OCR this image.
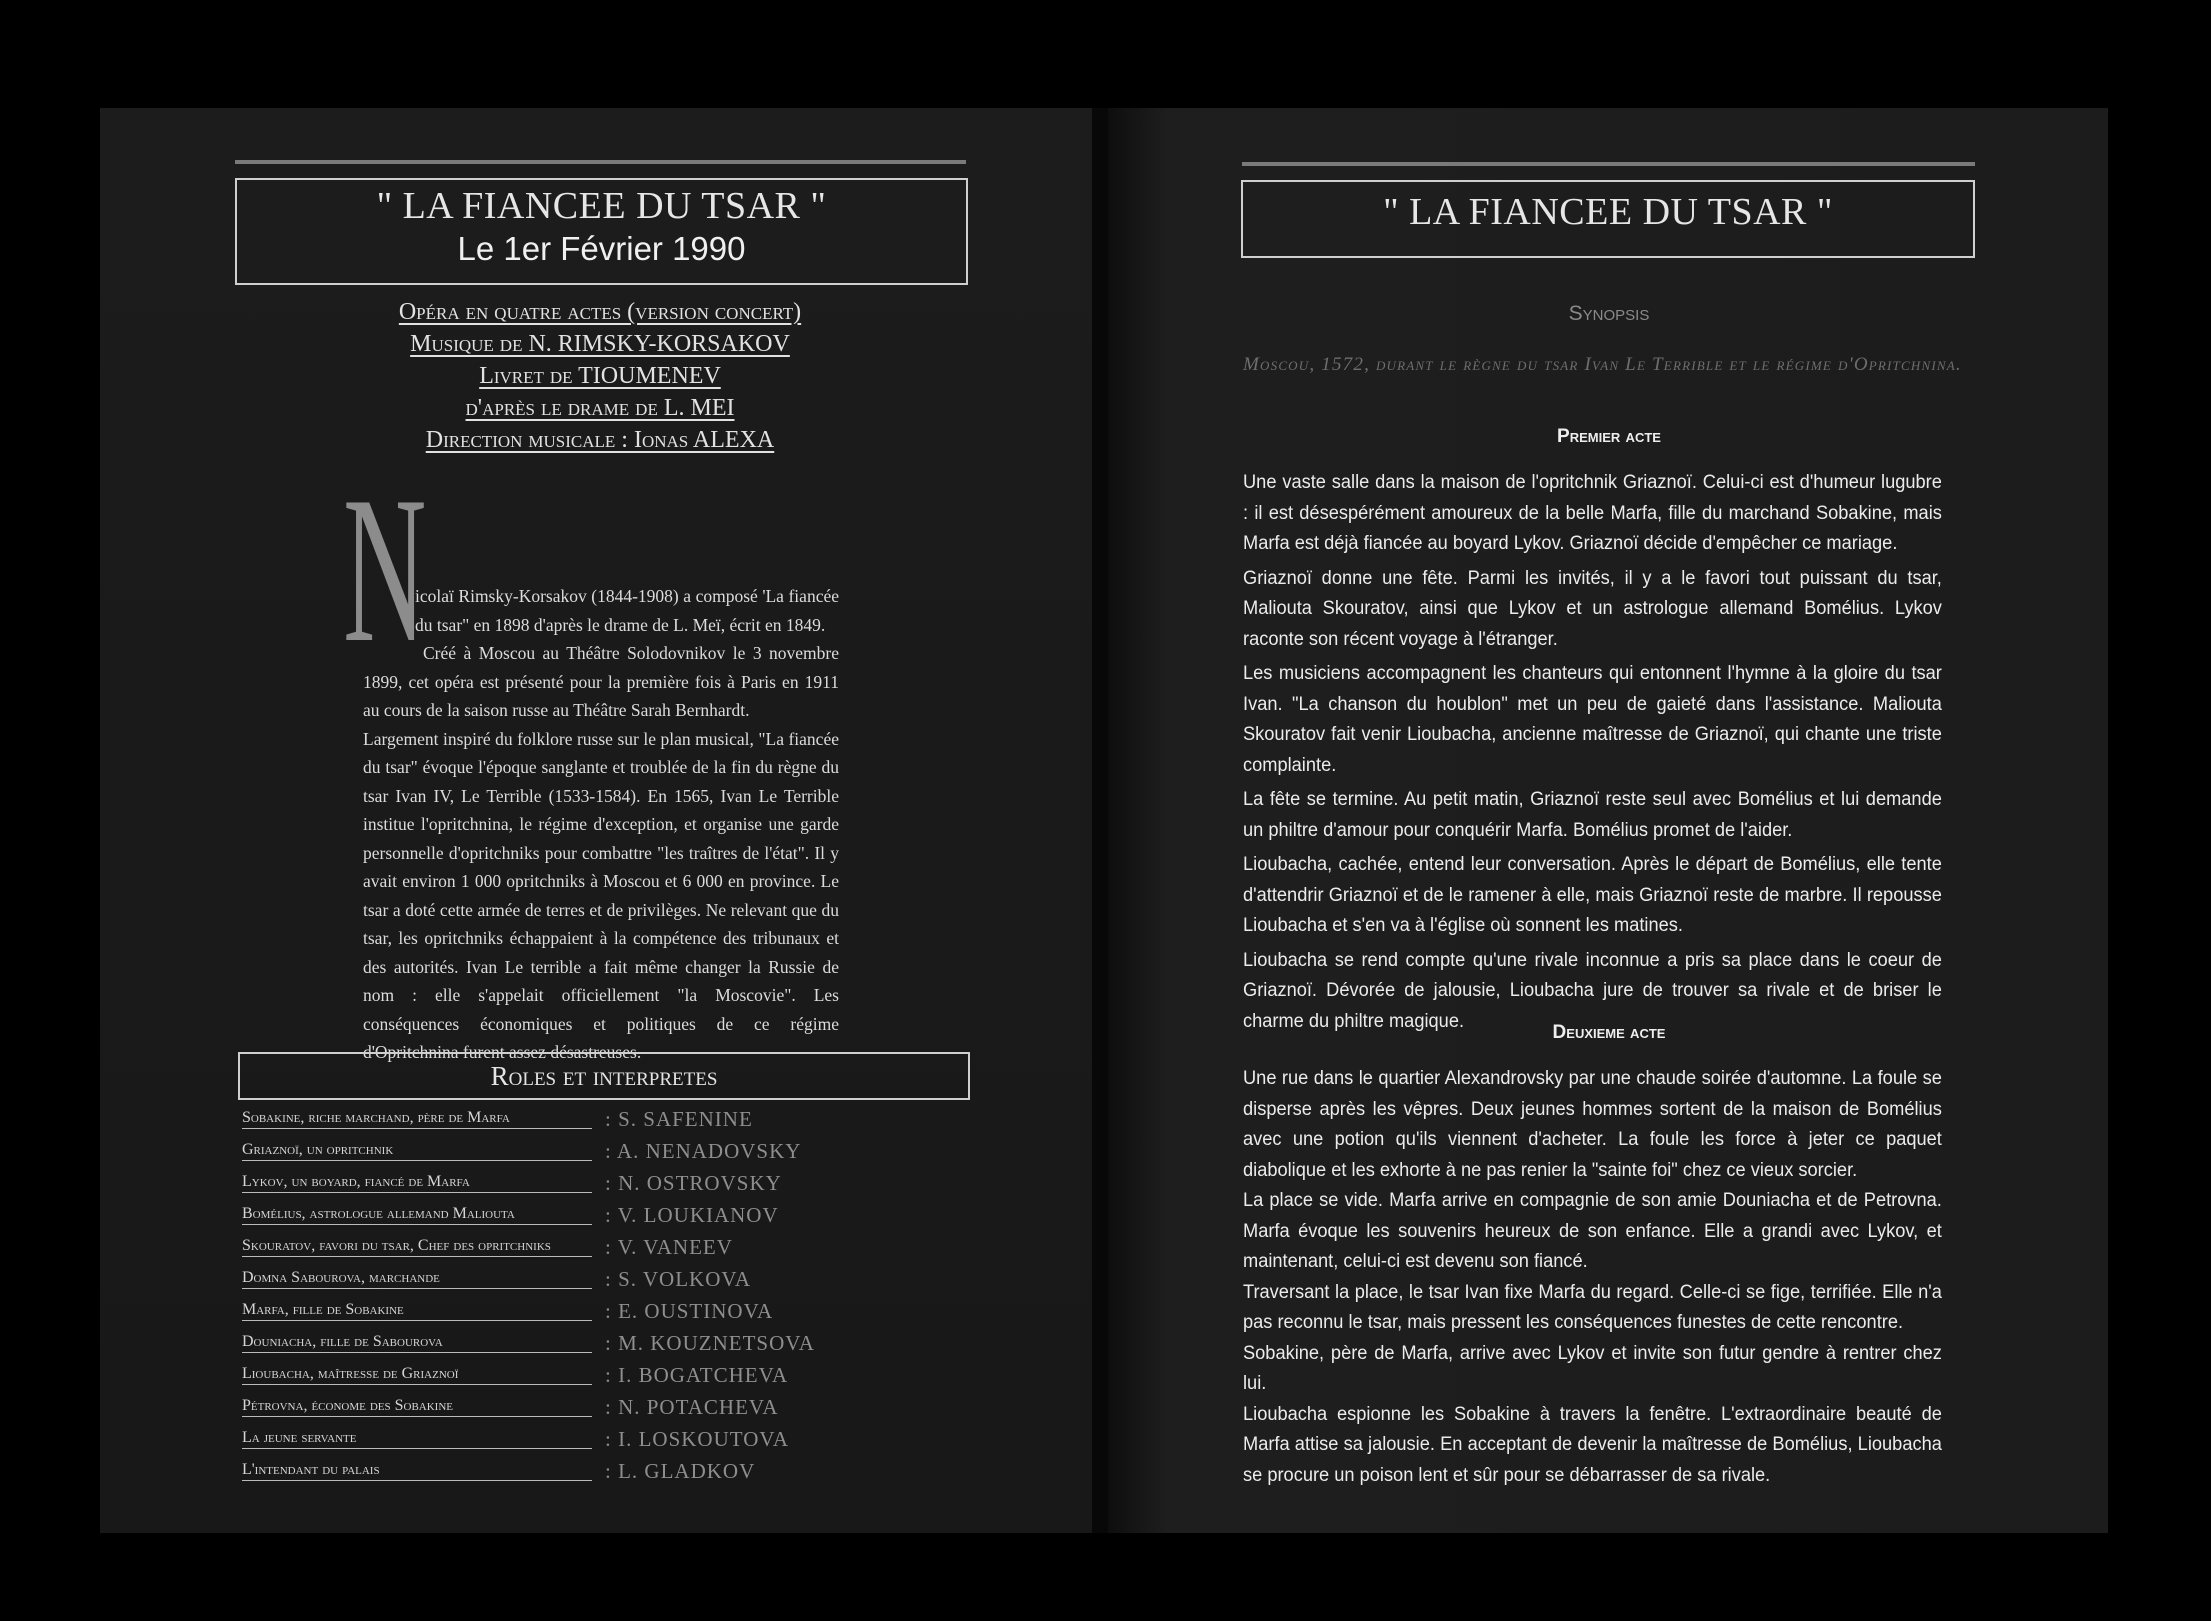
" LA FIANCEE DU TSAR "
Le 1er Février 1990
Opéra en quatre actes (version concert)
Musique de N. RIMSKY-KORSAKOV
Livret de TIOUMENEV
d'après le drame de L. MEI
Direction musicale : Ionas ALEXA
N

icolaï Rimsky-Korsakov (1844-1908) a composé 'La fiancée du tsar" en 1898 d'après le drame de L. Meï, écrit en 1849.

Créé à Moscou au Théâtre Solodovnikov le 3 novembre 1899, cet opéra est présenté pour la première fois à Paris en 1911 au cours de la saison russe au Théâtre Sarah Bernhardt.

Largement inspiré du folklore russe sur le plan musical, "La fiancée du tsar" évoque l'époque sanglante et troublée de la fin du règne du tsar Ivan IV, Le Terrible (1533-1584). En 1565, Ivan Le Terrible institue l'opritchnina, le régime d'exception, et organise une garde personnelle d'opritchniks pour combattre "les traîtres de l'état". Il y avait environ 1 000 opritchniks à Moscou et 6 000 en province. Le tsar a doté cette armée de terres et de privilèges. Ne relevant que du tsar, les opritchniks échappaient à la compétence des tribunaux et des autorités. Ivan Le terrible a fait même changer la Russie de nom : elle s'appelait officiellement "la Moscovie". Les conséquences économiques et politiques de ce régime d'Opritchnina furent assez désastreuses.

Roles et interpretes
Sobakine, riche marchand, père de Marfa	: S. SAFENINE
Griaznoï, un opritchnik	: A. NENADOVSKY
Lykov, un boyard, fiancé de Marfa	: N. OSTROVSKY
Bomélius, astrologue allemand Maliouta	: V. LOUKIANOV
Skouratov, favori du tsar, Chef des opritchniks	: V. VANEEV
Domna Sabourova, marchande	: S. VOLKOVA
Marfa, fille de Sobakine	: E. OUSTINOVA
Douniacha, fille de Sabourova	: M. KOUZNETSOVA
Lioubacha, maîtresse de Griaznoï	: I. BOGATCHEVA
Pétrovna, économe des Sobakine	: N. POTACHEVA
La jeune servante	: I. LOSKOUTOVA
L'intendant du palais	: L. GLADKOV
" LA FIANCEE DU TSAR "
Synopsis
Moscou, 1572, durant le règne du tsar Ivan Le Terrible et le régime d'Opritchnina.
Premier acte

Une vaste salle dans la maison de l'opritchnik Griaznoï. Celui-ci est d'humeur lugubre : il est désespérément amoureux de la belle Marfa, fille du marchand Sobakine, mais Marfa est déjà fiancée au boyard Lykov. Griaznoï décide d'empêcher ce mariage.

Griaznoï donne une fête. Parmi les invités, il y a le favori tout puissant du tsar, Maliouta Skouratov, ainsi que Lykov et un astrologue allemand Bomélius. Lykov raconte son récent voyage à l'étranger.

Les musiciens accompagnent les chanteurs qui entonnent l'hymne à la gloire du tsar Ivan. "La chanson du houblon" met un peu de gaieté dans l'assistance. Maliouta Skouratov fait venir Lioubacha, ancienne maîtresse de Griaznoï, qui chante une triste complainte.

La fête se termine. Au petit matin, Griaznoï reste seul avec Bomélius et lui demande un philtre d'amour pour conquérir Marfa. Bomélius promet de l'aider.

Lioubacha, cachée, entend leur conversation. Après le départ de Bomélius, elle tente d'attendrir Griaznoï et de le ramener à elle, mais Griaznoï reste de marbre. Il repousse Lioubacha et s'en va à l'église où sonnent les matines.

Lioubacha se rend compte qu'une rivale inconnue a pris sa place dans le coeur de Griaznoï. Dévorée de jalousie, Lioubacha jure de trouver sa rivale et de briser le charme du philtre magique.

Deuxieme acte

Une rue dans le quartier Alexandrovsky par une chaude soirée d'automne. La foule se disperse après les vêpres. Deux jeunes hommes sortent de la maison de Bomélius avec une potion qu'ils viennent d'acheter. La foule les force à jeter ce paquet diabolique et les exhorte à ne pas renier la "sainte foi" chez ce vieux sorcier.

La place se vide. Marfa arrive en compagnie de son amie Douniacha et de Petrovna. Marfa évoque les souvenirs heureux de son enfance. Elle a grandi avec Lykov, et maintenant, celui-ci est devenu son fiancé.

Traversant la place, le tsar Ivan fixe Marfa du regard. Celle-ci se fige, terrifiée. Elle n'a pas reconnu le tsar, mais pressent les conséquences funestes de cette rencontre.

Sobakine, père de Marfa, arrive avec Lykov et invite son futur gendre à rentrer chez lui.

Lioubacha espionne les Sobakine à travers la fenêtre. L'extraordinaire beauté de Marfa attise sa jalousie. En acceptant de devenir la maîtresse de Bomélius, Lioubacha se procure un poison lent et sûr pour se débarrasser de sa rivale.
